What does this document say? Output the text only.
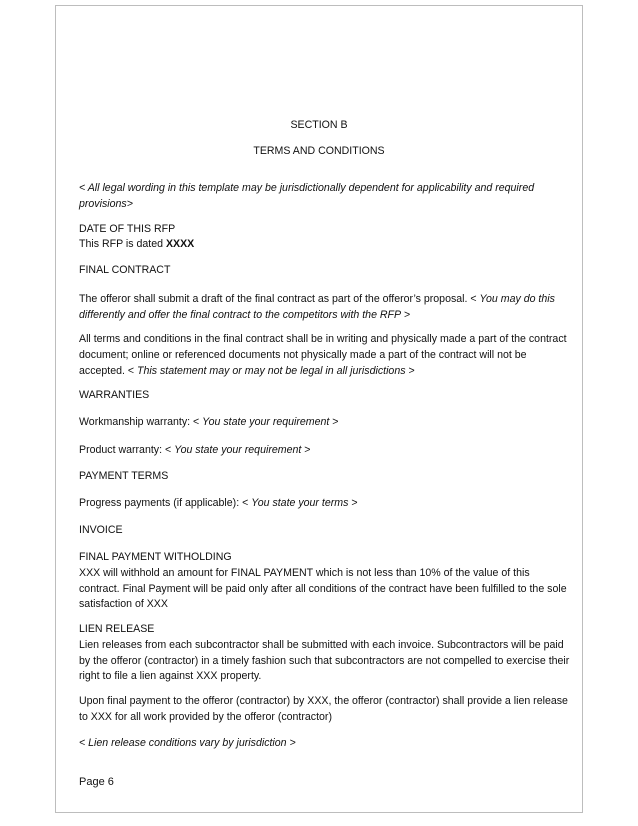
SECTION B
TERMS AND CONDITIONS
< All legal wording in this template may be jurisdictionally dependent for applicability and required
provisions>
DATE OF THIS RFP
This RFP is dated XXXX
FINAL CONTRACT
The offeror shall submit a draft of the final contract as part of the offeror’s proposal. < You may do this
differently and offer the final contract to the competitors with the RFP >
All terms and conditions in the final contract shall be in writing and physically made a part of the contract
document; online or referenced documents not physically made a part of the contract will not be
accepted. < This statement may or may not be legal in all jurisdictions >
WARRANTIES
Workmanship warranty: < You state your requirement >
Product warranty: < You state your requirement >
PAYMENT TERMS
Progress payments (if applicable): < You state your terms >
INVOICE
FINAL PAYMENT WITHOLDING
XXX will withhold an amount for FINAL PAYMENT which is not less than 10% of the value of this
contract. Final Payment will be paid only after all conditions of the contract have been fulfilled to the sole
satisfaction of XXX
LIEN RELEASE
Lien releases from each subcontractor shall be submitted with each invoice. Subcontractors will be paid
by the offeror (contractor) in a timely fashion such that subcontractors are not compelled to exercise their
right to file a lien against XXX property.
Upon final payment to the offeror (contractor) by XXX, the offeror (contractor) shall provide a lien release
to XXX for all work provided by the offeror (contractor)
< Lien release conditions vary by jurisdiction >
Page 6
